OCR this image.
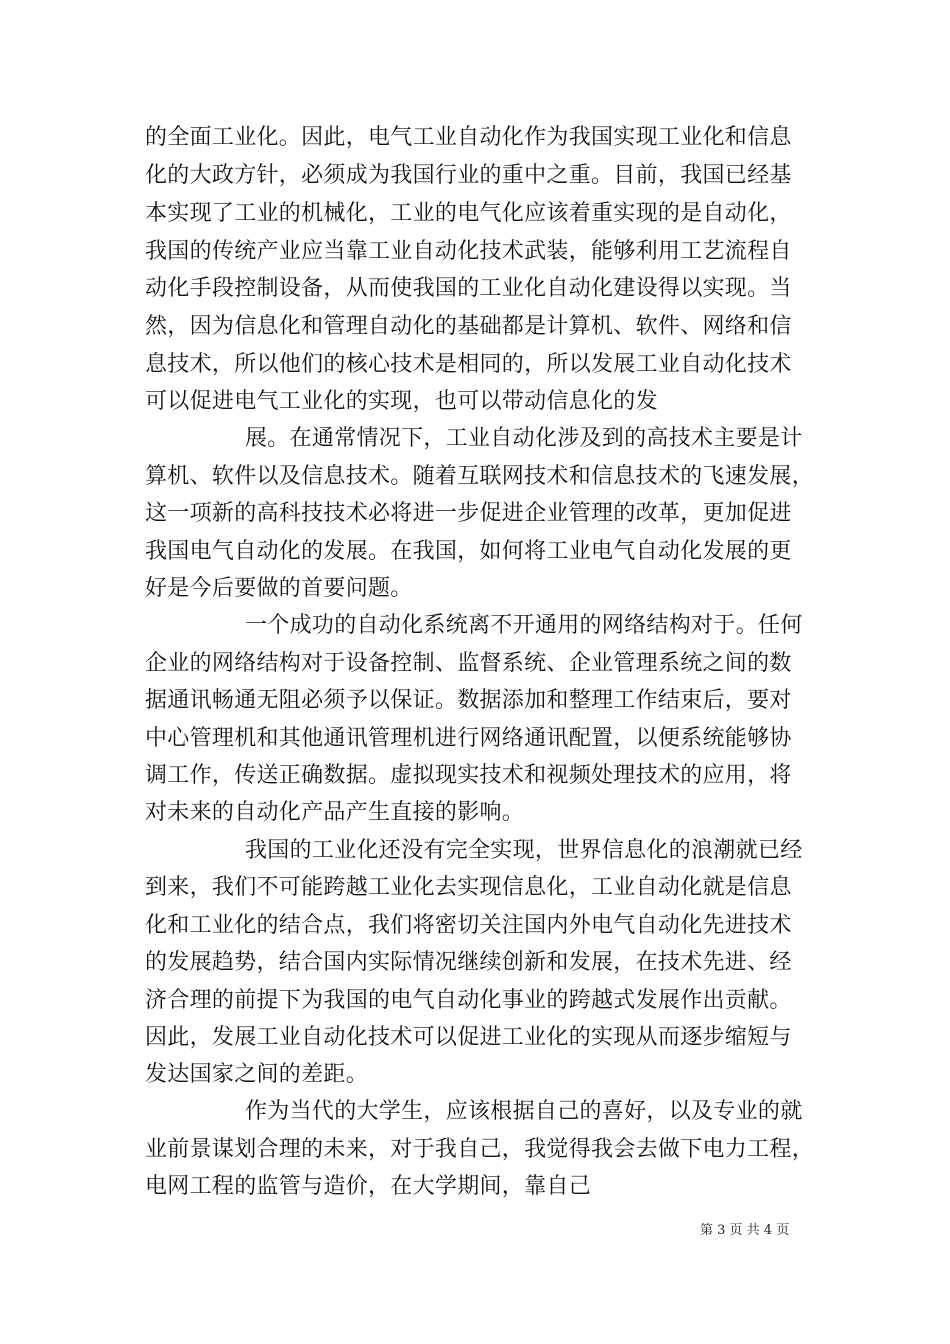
的全面工业化。因此，电气工业自动化作为我国实现工业化和信息
化的大政方针，必须成为我国行业的重中之重。目前，我国已经基
本实现了工业的机械化，工业的电气化应该着重实现的是自动化，
我国的传统产业应当靠工业自动化技术武装，能够利用工艺流程自
动化手段控制设备，从而使我国的工业化自动化建设得以实现。当
然，因为信息化和管理自动化的基础都是计算机、软件、网络和信
息技术，所以他们的核心技术是相同的，所以发展工业自动化技术
可以促进电气工业化的实现，也可以带动信息化的发
展。在通常情况下，工业自动化涉及到的高技术主要是计
算机、软件以及信息技术。随着互联网技术和信息技术的飞速发展，
这一项新的高科技技术必将进一步促进企业管理的改革，更加促进
我国电气自动化的发展。在我国，如何将工业电气自动化发展的更
好是今后要做的首要问题。
一个成功的自动化系统离不开通用的网络结构对于。任何
企业的网络结构对于设备控制、监督系统、企业管理系统之间的数
据通讯畅通无阻必须予以保证。数据添加和整理工作结束后，要对
中心管理机和其他通讯管理机进行网络通讯配置，以便系统能够协
调工作，传送正确数据。虚拟现实技术和视频处理技术的应用，将
对未来的自动化产品产生直接的影响。
我国的工业化还没有完全实现，世界信息化的浪潮就已经
到来，我们不可能跨越工业化去实现信息化，工业自动化就是信息
化和工业化的结合点，我们将密切关注国内外电气自动化先进技术
的发展趋势，结合国内实际情况继续创新和发展，在技术先进、经
济合理的前提下为我国的电气自动化事业的跨越式发展作出贡献。
因此，发展工业自动化技术可以促进工业化的实现从而逐步缩短与
发达国家之间的差距。
作为当代的大学生，应该根据自己的喜好，以及专业的就
业前景谋划合理的未来，对于我自己，我觉得我会去做下电力工程，
电网工程的监管与造价，在大学期间，靠自己
第 3 页 共 4 页
